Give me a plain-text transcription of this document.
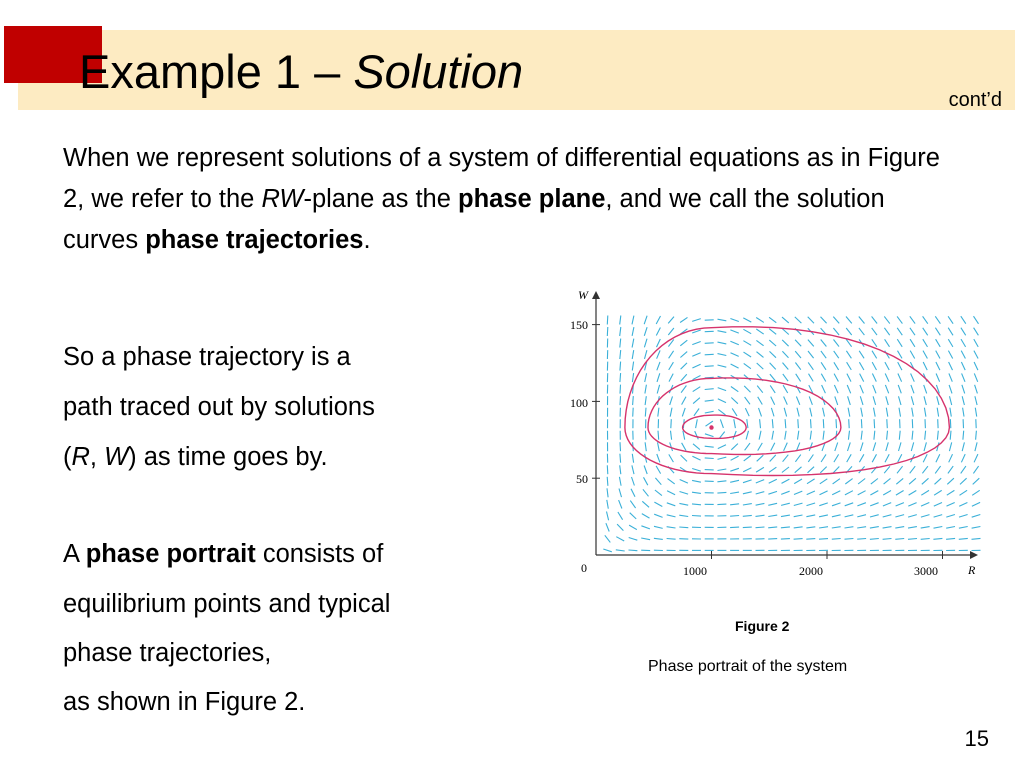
Example 1 – Solution
cont’d
When we represent solutions of a system of differential equations as in Figure 2, we refer to the RW-plane as the phase plane, and we call the solution curves phase trajectories.
So a phase trajectory is a
path traced out by solutions
(R, W) as time goes by.
A phase portrait consists of
equilibrium points and typical
phase trajectories,
as shown in Figure 2.
W
R
0	1000	2000	3000
50
100
150
Figure 2
Phase portrait of the system
15
